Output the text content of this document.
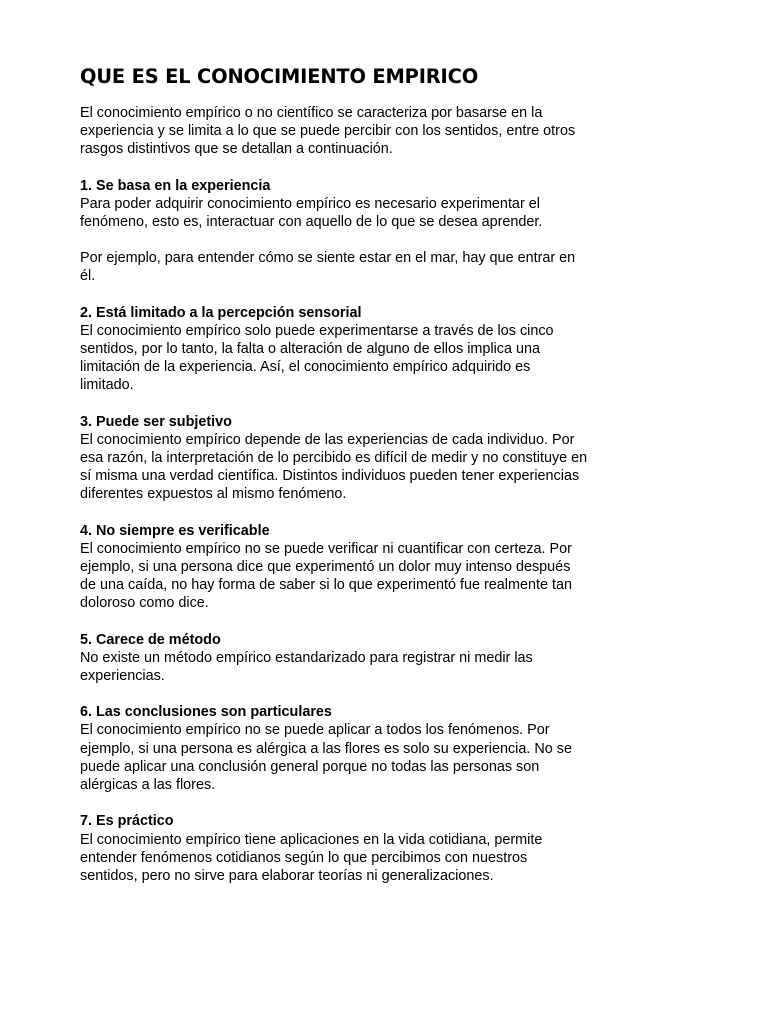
QUE ES EL CONOCIMIENTO EMPIRICO
El conocimiento empírico o no científico se caracteriza por basarse en la
experiencia y se limita a lo que se puede percibir con los sentidos, entre otros
rasgos distintivos que se detallan a continuación.
1. Se basa en la experiencia
Para poder adquirir conocimiento empírico es necesario experimentar el
fenómeno, esto es, interactuar con aquello de lo que se desea aprender.
Por ejemplo, para entender cómo se siente estar en el mar, hay que entrar en
él.
2. Está limitado a la percepción sensorial
El conocimiento empírico solo puede experimentarse a través de los cinco
sentidos, por lo tanto, la falta o alteración de alguno de ellos implica una
limitación de la experiencia. Así, el conocimiento empírico adquirido es
limitado.
3. Puede ser subjetivo
El conocimiento empírico depende de las experiencias de cada individuo. Por
esa razón, la interpretación de lo percibido es difícil de medir y no constituye en
sí misma una verdad científica. Distintos individuos pueden tener experiencias
diferentes expuestos al mismo fenómeno.
4. No siempre es verificable
El conocimiento empírico no se puede verificar ni cuantificar con certeza. Por
ejemplo, si una persona dice que experimentó un dolor muy intenso después
de una caída, no hay forma de saber si lo que experimentó fue realmente tan
doloroso como dice.
5. Carece de método
No existe un método empírico estandarizado para registrar ni medir las
experiencias.
6. Las conclusiones son particulares
El conocimiento empírico no se puede aplicar a todos los fenómenos. Por
ejemplo, si una persona es alérgica a las flores es solo su experiencia. No se
puede aplicar una conclusión general porque no todas las personas son
alérgicas a las flores.
7. Es práctico
El conocimiento empírico tiene aplicaciones en la vida cotidiana, permite
entender fenómenos cotidianos según lo que percibimos con nuestros
sentidos, pero no sirve para elaborar teorías ni generalizaciones.
